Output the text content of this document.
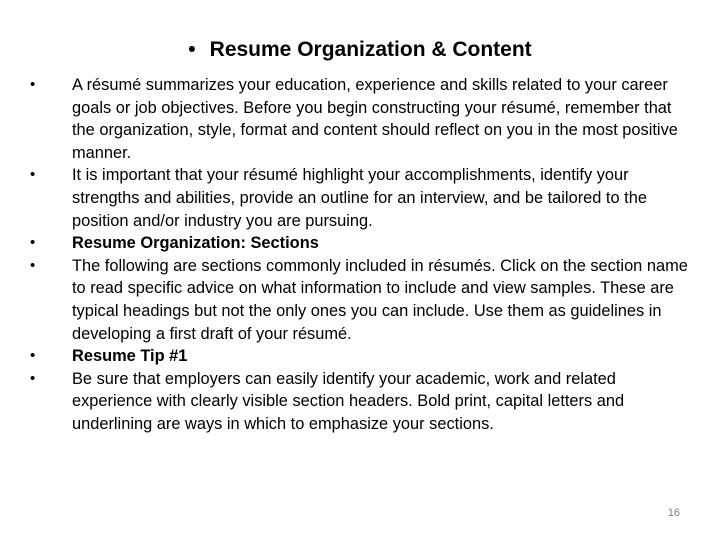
• Resume Organization & Content
• A résumé summarizes your education, experience and skills related to your career goals or job objectives. Before you begin constructing your résumé, remember that the organization, style, format and content should reflect on you in the most positive manner.
• It is important that your résumé highlight your accomplishments, identify your strengths and abilities, provide an outline for an interview, and be tailored to the position and/or industry you are pursuing.
• Resume Organization: Sections
• The following are sections commonly included in résumés. Click on the section name to read specific advice on what information to include and view samples. These are typical headings but not the only ones you can include. Use them as guidelines in developing a first draft of your résumé.
• Resume Tip #1
• Be sure that employers can easily identify your academic, work and related experience with clearly visible section headers. Bold print, capital letters and underlining are ways in which to emphasize your sections.
16
